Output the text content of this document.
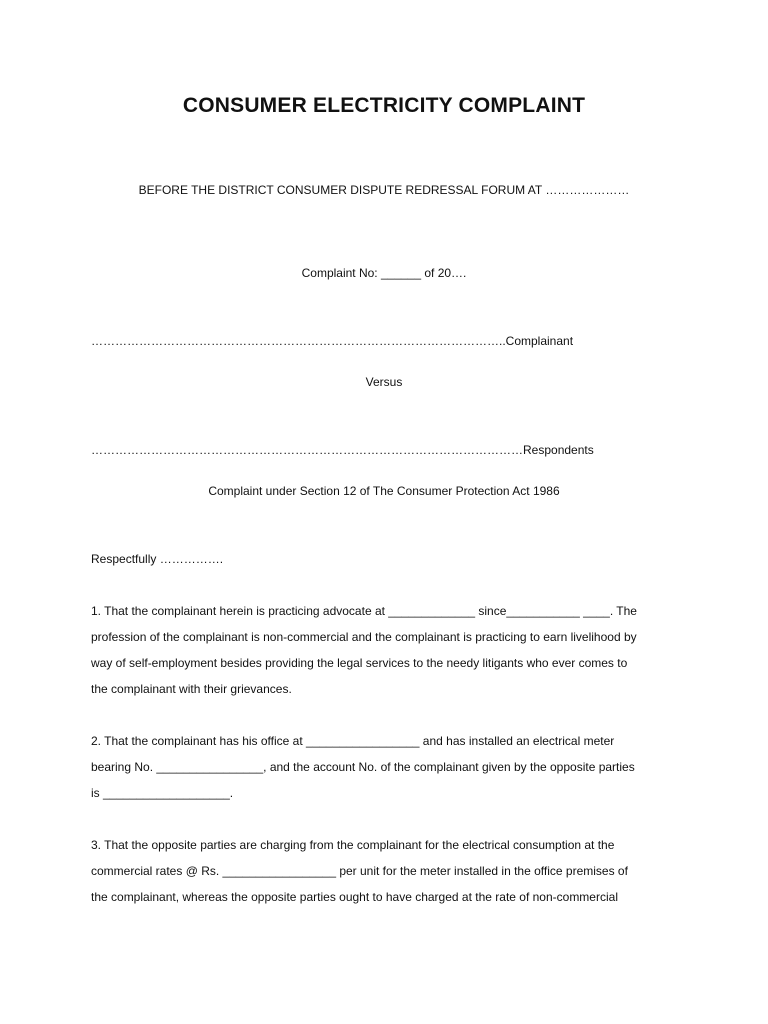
CONSUMER ELECTRICITY COMPLAINT
BEFORE THE DISTRICT CONSUMER DISPUTE REDRESSAL FORUM AT …………………
Complaint No: ______ of 20….
…………………………………………………………………………………………..Complainant
Versus
………………………………………………………………………………………………Respondents
Complaint under Section 12 of The Consumer Protection Act 1986
Respectfully …………….
1. That the complainant herein is practicing advocate at _____________ since___________ ____. The
profession of the complainant is non-commercial and the complainant is practicing to earn livelihood by
way of self-employment besides providing the legal services to the needy litigants who ever comes to
the complainant with their grievances.
2. That the complainant has his office at _________________ and has installed an electrical meter
bearing No. ________________, and the account No. of the complainant given by the opposite parties
is ___________________.
3. That the opposite parties are charging from the complainant for the electrical consumption at the
commercial rates @ Rs. _________________ per unit for the meter installed in the office premises of
the complainant, whereas the opposite parties ought to have charged at the rate of non-commercial
